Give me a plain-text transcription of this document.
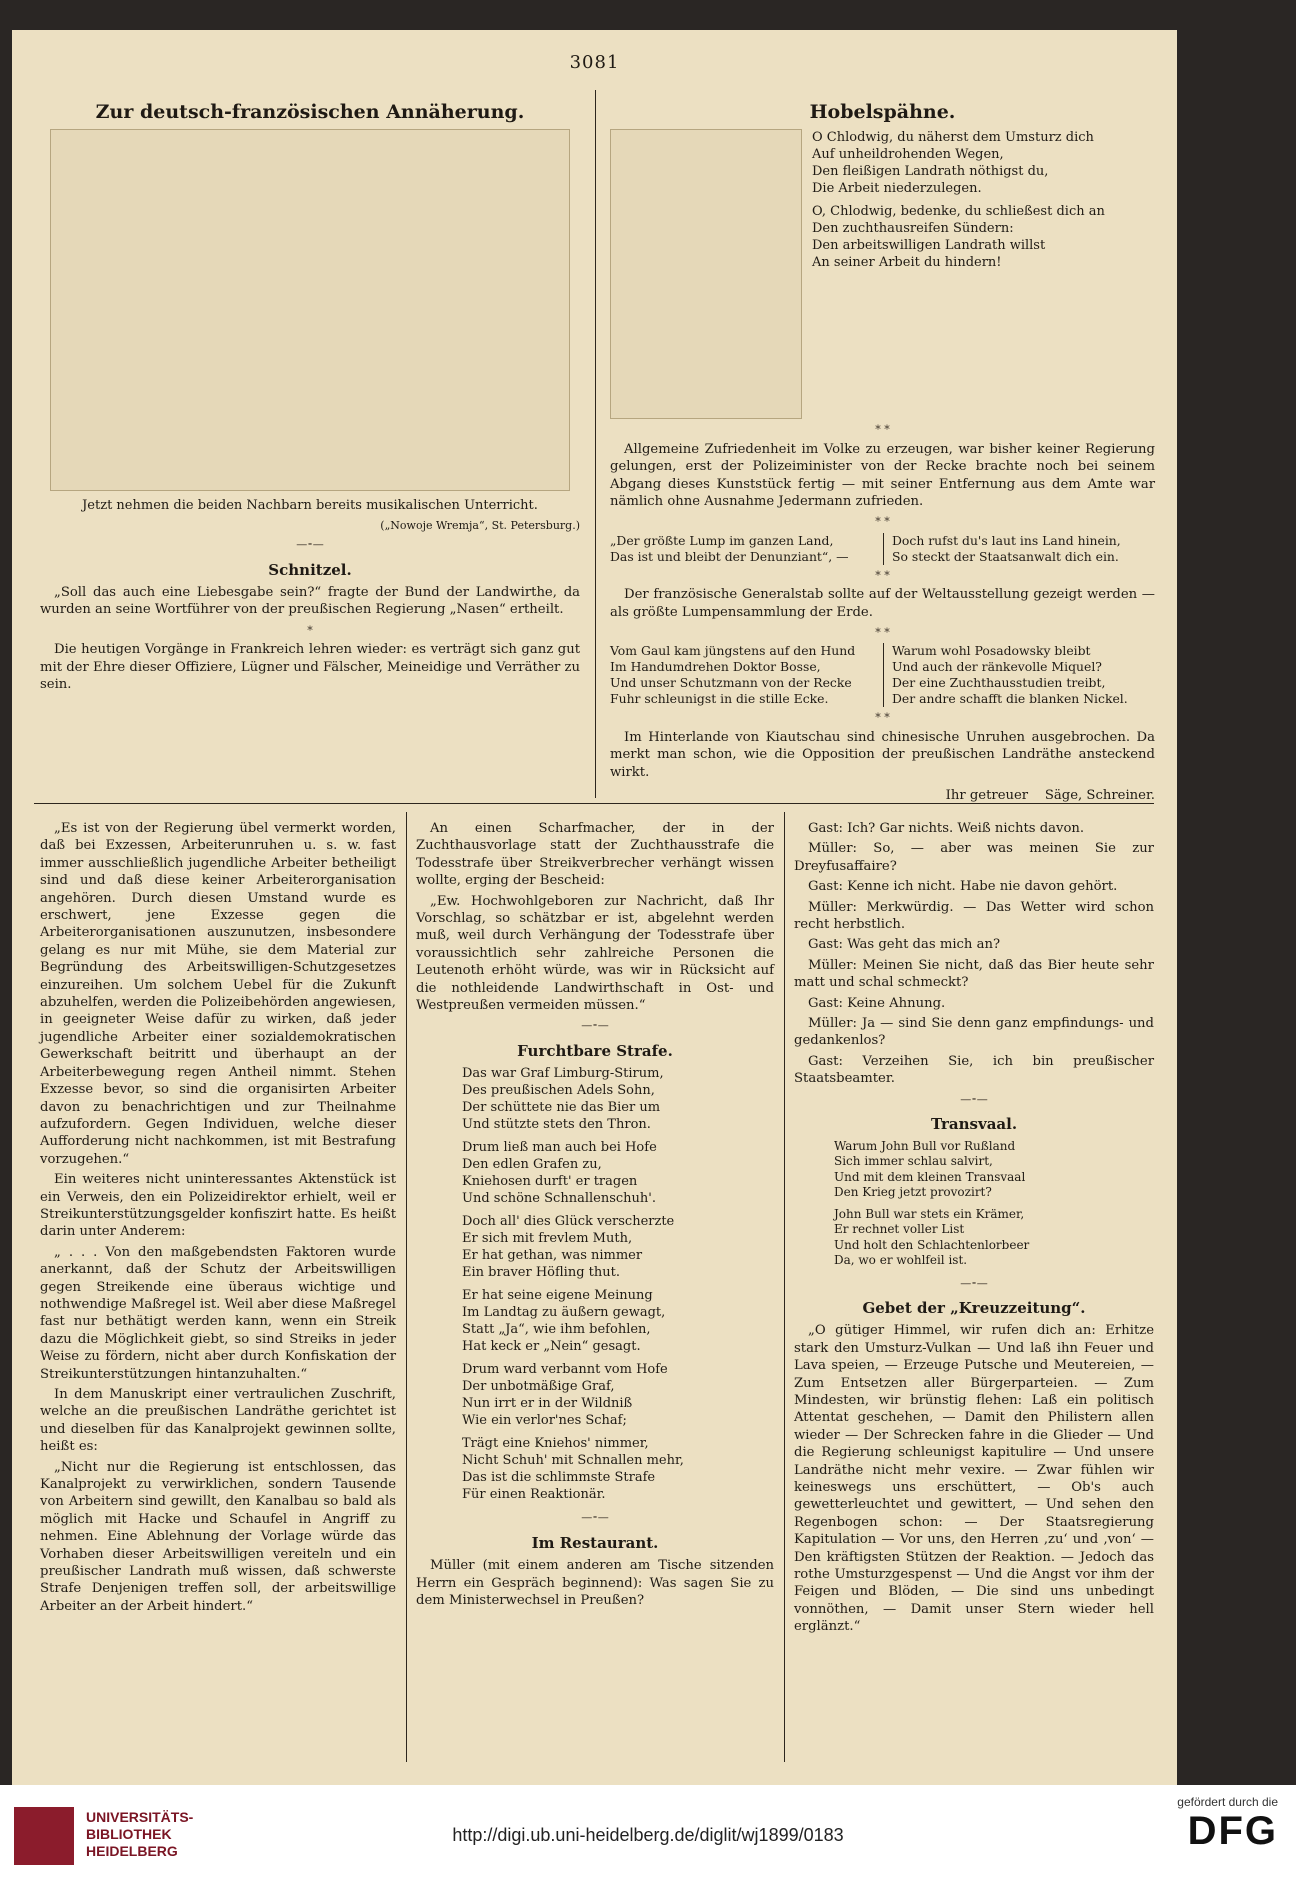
3081
Zur deutsch-französischen Annäherung.
Jetzt nehmen die beiden Nachbarn bereits musikalischen Unterricht.
(„Nowoje Wremja“, St. Petersburg.)
—⁃—
Schnitzel.

„Soll das auch eine Liebesgabe sein?“ fragte der Bund der Landwirthe, da wurden an seine Wortführer von der preußischen Regierung „Nasen“ ertheilt.

*

Die heutigen Vorgänge in Frankreich lehren wieder: es verträgt sich ganz gut mit der Ehre dieser Offiziere, Lügner und Fälscher, Meineidige und Verräther zu sein.

Hobelspähne.
O Chlodwig, du näherst dem Umsturz dich
Auf unheildrohenden Wegen,
Den fleißigen Landrath nöthigst du,
Die Arbeit niederzulegen.
O, Chlodwig, bedenke, du schließest dich an
Den zuchthausreifen Sündern:
Den arbeitswilligen Landrath willst
An seiner Arbeit du hindern!
* *

Allgemeine Zufriedenheit im Volke zu erzeugen, war bisher keiner Regierung gelungen, erst der Polizeiminister von der Recke brachte noch bei seinem Abgang dieses Kunststück fertig — mit seiner Entfernung aus dem Amte war nämlich ohne Ausnahme Jedermann zufrieden.

* *
„Der größte Lump im ganzen Land,
Das ist und bleibt der Denunziant“, —
Doch rufst du's laut ins Land hinein,
So steckt der Staatsanwalt dich ein.
* *

Der französische Generalstab sollte auf der Weltausstellung gezeigt werden — als größte Lumpensammlung der Erde.

* *
Vom Gaul kam jüngstens auf den Hund
Im Handumdrehen Doktor Bosse,
Und unser Schutzmann von der Recke
Fuhr schleunigst in die stille Ecke.
Warum wohl Posadowsky bleibt
Und auch der ränkevolle Miquel?
Der eine Zuchthausstudien treibt,
Der andre schafft die blanken Nickel.
* *

Im Hinterlande von Kiautschau sind chinesische Unruhen ausgebrochen. Da merkt man schon, wie die Opposition der preußischen Landräthe ansteckend wirkt.

Ihr getreuer Säge, Schreiner.

„Es ist von der Regierung übel vermerkt worden, daß bei Exzessen, Arbeiterunruhen u. s. w. fast immer ausschließlich jugendliche Arbeiter betheiligt sind und daß diese keiner Arbeiterorganisation angehören. Durch diesen Umstand wurde es erschwert, jene Exzesse gegen die Arbeiterorganisationen auszunutzen, insbesondere gelang es nur mit Mühe, sie dem Material zur Begründung des Arbeitswilligen-Schutzgesetzes einzureihen. Um solchem Uebel für die Zukunft abzuhelfen, werden die Polizeibehörden angewiesen, in geeigneter Weise dafür zu wirken, daß jeder jugendliche Arbeiter einer sozialdemokratischen Gewerkschaft beitritt und überhaupt an der Arbeiterbewegung regen Antheil nimmt. Stehen Exzesse bevor, so sind die organisirten Arbeiter davon zu benachrichtigen und zur Theilnahme aufzufordern. Gegen Individuen, welche dieser Aufforderung nicht nachkommen, ist mit Bestrafung vorzugehen.“

Ein weiteres nicht uninteressantes Aktenstück ist ein Verweis, den ein Polizeidirektor erhielt, weil er Streikunterstützungsgelder konfiszirt hatte. Es heißt darin unter Anderem:

„ . . . Von den maßgebendsten Faktoren wurde anerkannt, daß der Schutz der Arbeitswilligen gegen Streikende eine überaus wichtige und nothwendige Maßregel ist. Weil aber diese Maßregel fast nur bethätigt werden kann, wenn ein Streik dazu die Möglichkeit giebt, so sind Streiks in jeder Weise zu fördern, nicht aber durch Konfiskation der Streikunterstützungen hintanzuhalten.“

In dem Manuskript einer vertraulichen Zuschrift, welche an die preußischen Landräthe gerichtet ist und dieselben für das Kanalprojekt gewinnen sollte, heißt es:

„Nicht nur die Regierung ist entschlossen, das Kanalprojekt zu verwirklichen, sondern Tausende von Arbeitern sind gewillt, den Kanalbau so bald als möglich mit Hacke und Schaufel in Angriff zu nehmen. Eine Ablehnung der Vorlage würde das Vorhaben dieser Arbeitswilligen vereiteln und ein preußischer Landrath muß wissen, daß schwerste Strafe Denjenigen treffen soll, der arbeitswillige Arbeiter an der Arbeit hindert.“

An einen Scharfmacher, der in der Zuchthausvorlage statt der Zuchthausstrafe die Todesstrafe über Streikverbrecher verhängt wissen wollte, erging der Bescheid:

„Ew. Hochwohlgeboren zur Nachricht, daß Ihr Vorschlag, so schätzbar er ist, abgelehnt werden muß, weil durch Verhängung der Todesstrafe über voraussichtlich sehr zahlreiche Personen die Leutenoth erhöht würde, was wir in Rücksicht auf die nothleidende Landwirthschaft in Ost- und Westpreußen vermeiden müssen.“

—⁃—
Furchtbare Strafe.
Das war Graf Limburg-Stirum,
Des preußischen Adels Sohn,
Der schüttete nie das Bier um
Und stützte stets den Thron.
Drum ließ man auch bei Hofe
Den edlen Grafen zu,
Kniehosen durft' er tragen
Und schöne Schnallenschuh'.
Doch all' dies Glück verscherzte
Er sich mit frevlem Muth,
Er hat gethan, was nimmer
Ein braver Höfling thut.
Er hat seine eigene Meinung
Im Landtag zu äußern gewagt,
Statt „Ja“, wie ihm befohlen,
Hat keck er „Nein“ gesagt.
Drum ward verbannt vom Hofe
Der unbotmäßige Graf,
Nun irrt er in der Wildniß
Wie ein verlor'nes Schaf;
Trägt eine Kniehos' nimmer,
Nicht Schuh' mit Schnallen mehr,
Das ist die schlimmste Strafe
Für einen Reaktionär.
—⁃—
Im Restaurant.

Müller (mit einem anderen am Tische sitzenden Herrn ein Gespräch beginnend): Was sagen Sie zu dem Ministerwechsel in Preußen?

Gast: Ich? Gar nichts. Weiß nichts davon.

Müller: So, — aber was meinen Sie zur Dreyfusaffaire?

Gast: Kenne ich nicht. Habe nie davon gehört.

Müller: Merkwürdig. — Das Wetter wird schon recht herbstlich.

Gast: Was geht das mich an?

Müller: Meinen Sie nicht, daß das Bier heute sehr matt und schal schmeckt?

Gast: Keine Ahnung.

Müller: Ja — sind Sie denn ganz empfindungs- und gedankenlos?

Gast: Verzeihen Sie, ich bin preußischer Staatsbeamter.

—⁃—
Transvaal.
Warum John Bull vor Rußland
Sich immer schlau salvirt,
Und mit dem kleinen Transvaal
Den Krieg jetzt provozirt?
John Bull war stets ein Krämer,
Er rechnet voller List
Und holt den Schlachtenlorbeer
Da, wo er wohlfeil ist.
—⁃—
Gebet der „Kreuzzeitung“.

„O gütiger Himmel, wir rufen dich an: Erhitze stark den Umsturz-Vulkan — Und laß ihn Feuer und Lava speien, — Erzeuge Putsche und Meutereien, — Zum Entsetzen aller Bürgerparteien. — Zum Mindesten, wir brünstig flehen: Laß ein politisch Attentat geschehen, — Damit den Philistern allen wieder — Der Schrecken fahre in die Glieder — Und die Regierung schleunigst kapitulire — Und unsere Landräthe nicht mehr vexire. — Zwar fühlen wir keineswegs uns erschüttert, — Ob's auch gewetterleuchtet und gewittert, — Und sehen den Regenbogen schon: — Der Staatsregierung Kapitulation — Vor uns, den Herren ‚zu‘ und ‚von‘ — Den kräftigsten Stützen der Reaktion. — Jedoch das rothe Umsturzgespenst — Und die Angst vor ihm der Feigen und Blöden, — Die sind uns unbedingt vonnöthen, — Damit unser Stern wieder hell erglänzt.“

UNIVERSITÄTS-
BIBLIOTHEK
HEIDELBERG
http://digi.ub.uni-heidelberg.de/diglit/wj1899/0183
gefördert durch die
DFG
